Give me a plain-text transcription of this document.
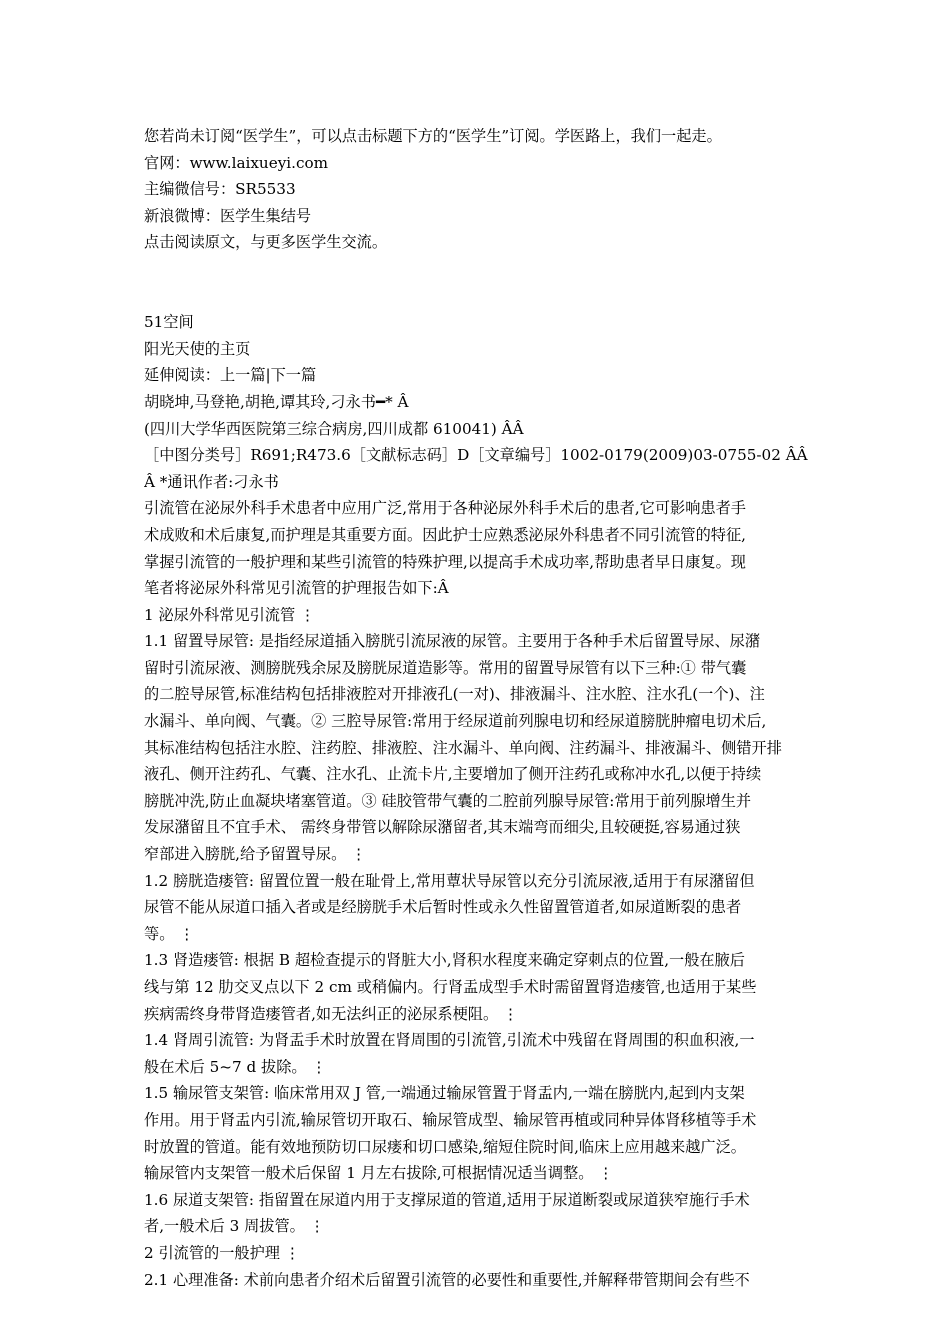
您若尚未订阅“医学生”，可以点击标题下方的“医学生”订阅。学医路上，我们一起走。
官网：www.laixueyi.com
主编微信号：SR5533
新浪微博：医学生集结号
点击阅读原文，与更多医学生交流。
51空间
阳光天使的主页
延伸阅读：上一篇|下一篇
胡晓坤,马登艳,胡艳,谭其玲,刁永书━* Â
(四川大学华西医院第三综合病房,四川成都 610041) ÂÂ
［中图分类号］R691;R473.6［文献标志码］D［文章编号］1002-0179(2009)03-0755-02 ÂÂ
Â *通讯作者:刁永书
引流管在泌尿外科手术患者中应用广泛,常用于各种泌尿外科手术后的患者,它可影响患者手
术成败和术后康复,而护理是其重要方面。因此护士应熟悉泌尿外科患者不同引流管的特征,
掌握引流管的一般护理和某些引流管的特殊护理,以提高手术成功率,帮助患者早日康复。现
笔者将泌尿外科常见引流管的护理报告如下:Â
1 泌尿外科常见引流管 ⋮
1.1 留置导尿管: 是指经尿道插入膀胱引流尿液的尿管。主要用于各种手术后留置导尿、尿潴
留时引流尿液、测膀胱残余尿及膀胱尿道造影等。常用的留置导尿管有以下三种:① 带气囊
的二腔导尿管,标准结构包括排液腔对开排液孔(一对)、排液漏斗、注水腔、注水孔(一个)、注
水漏斗、单向阀、气囊。② 三腔导尿管:常用于经尿道前列腺电切和经尿道膀胱肿瘤电切术后,
其标准结构包括注水腔、注药腔、排液腔、注水漏斗、单向阀、注药漏斗、排液漏斗、侧错开排
液孔、侧开注药孔、气囊、注水孔、止流卡片,主要增加了侧开注药孔或称冲水孔,以便于持续
膀胱冲洗,防止血凝块堵塞管道。③ 硅胶管带气囊的二腔前列腺导尿管:常用于前列腺增生并
发尿潴留且不宜手术、 需终身带管以解除尿潴留者,其末端弯而细尖,且较硬挺,容易通过狭
窄部进入膀胱,给予留置导尿。 ⋮
1.2 膀胱造瘘管: 留置位置一般在耻骨上,常用蕈状导尿管以充分引流尿液,适用于有尿潴留但
尿管不能从尿道口插入者或是经膀胱手术后暂时性或永久性留置管道者,如尿道断裂的患者
等。 ⋮
1.3 肾造瘘管: 根据 B 超检查提示的肾脏大小,肾积水程度来确定穿刺点的位置,一般在腋后
线与第 12 肋交叉点以下 2 cm 或稍偏内。行肾盂成型手术时需留置肾造瘘管,也适用于某些
疾病需终身带肾造瘘管者,如无法纠正的泌尿系梗阻。 ⋮
1.4 肾周引流管: 为肾盂手术时放置在肾周围的引流管,引流术中残留在肾周围的积血积液,一
般在术后 5~7 d 拔除。 ⋮
1.5 输尿管支架管: 临床常用双 J 管,一端通过输尿管置于肾盂内,一端在膀胱内,起到内支架
作用。用于肾盂内引流,输尿管切开取石、输尿管成型、输尿管再植或同种异体肾移植等手术
时放置的管道。能有效地预防切口尿瘘和切口感染,缩短住院时间,临床上应用越来越广泛。
输尿管内支架管一般术后保留 1 月左右拔除,可根据情况适当调整。 ⋮
1.6 尿道支架管: 指留置在尿道内用于支撑尿道的管道,适用于尿道断裂或尿道狭窄施行手术
者,一般术后 3 周拔管。 ⋮
2 引流管的一般护理 ⋮
2.1 心理准备: 术前向患者介绍术后留置引流管的必要性和重要性,并解释带管期间会有些不
